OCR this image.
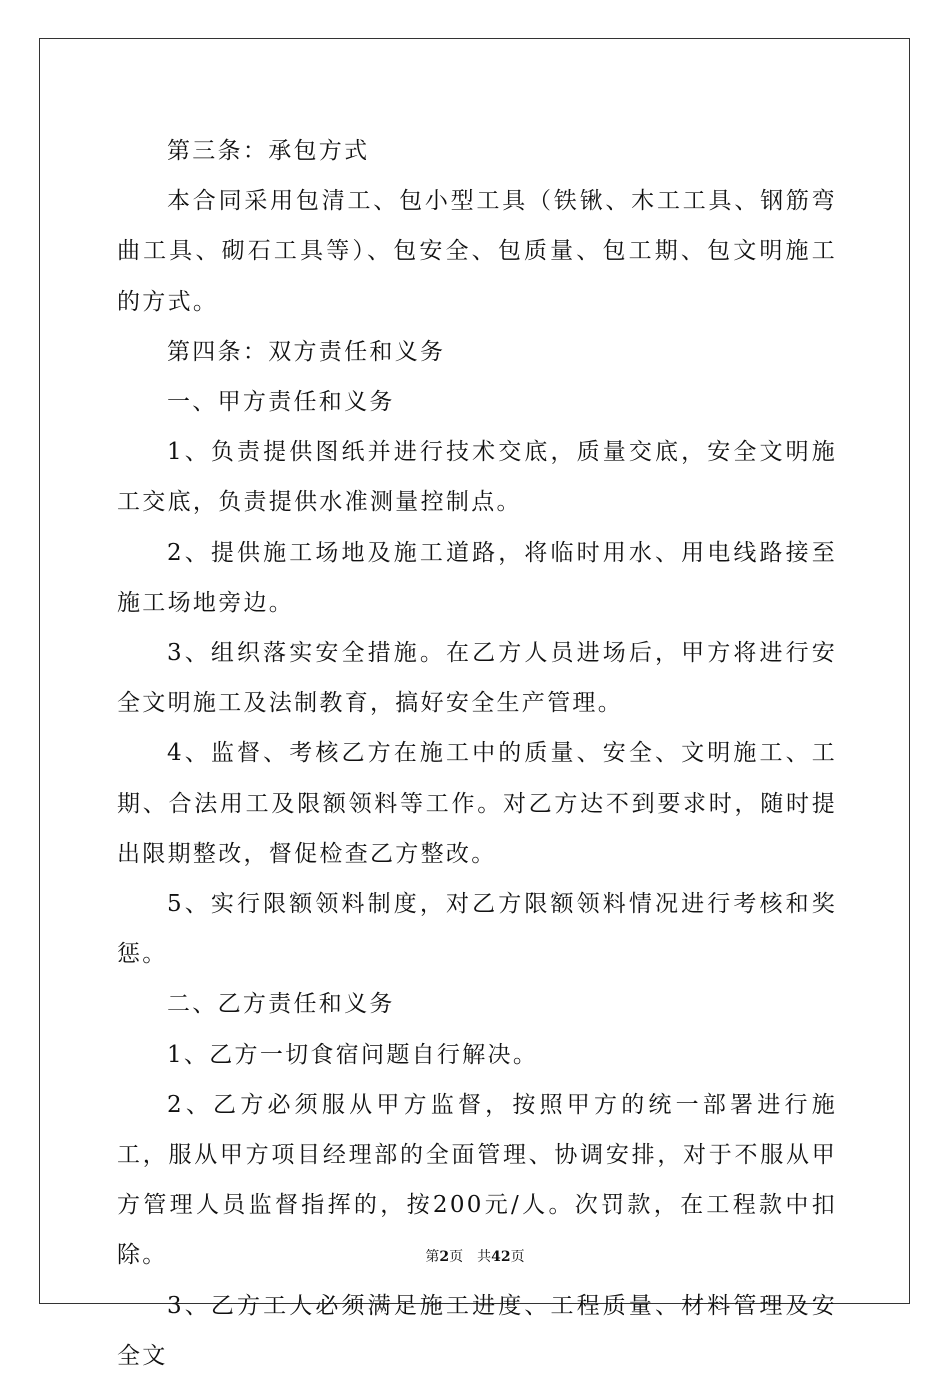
第三条：承包方式

本合同采用包清工、包小型工具（铁锹、木工工具、钢筋弯曲工具、砌石工具等）、包安全、包质量、包工期、包文明施工的方式。

第四条：双方责任和义务

一、甲方责任和义务

1、负责提供图纸并进行技术交底，质量交底，安全文明施工交底，负责提供水准测量控制点。

2、提供施工场地及施工道路，将临时用水、用电线路接至施工场地旁边。

3、组织落实安全措施。在乙方人员进场后，甲方将进行安全文明施工及法制教育，搞好安全生产管理。

4、监督、考核乙方在施工中的质量、安全、文明施工、工期、合法用工及限额领料等工作。对乙方达不到要求时，随时提出限期整改，督促检查乙方整改。

5、实行限额领料制度，对乙方限额领料情况进行考核和奖惩。

二、乙方责任和义务

1、乙方一切食宿问题自行解决。

2、乙方必须服从甲方监督，按照甲方的统一部署进行施工，服从甲方项目经理部的全面管理、协调安排，对于不服从甲方管理人员监督指挥的，按200元/人。次罚款，在工程款中扣除。

3、乙方工人必须满足施工进度、工程质量、材料管理及安全文

第2页 共42页
